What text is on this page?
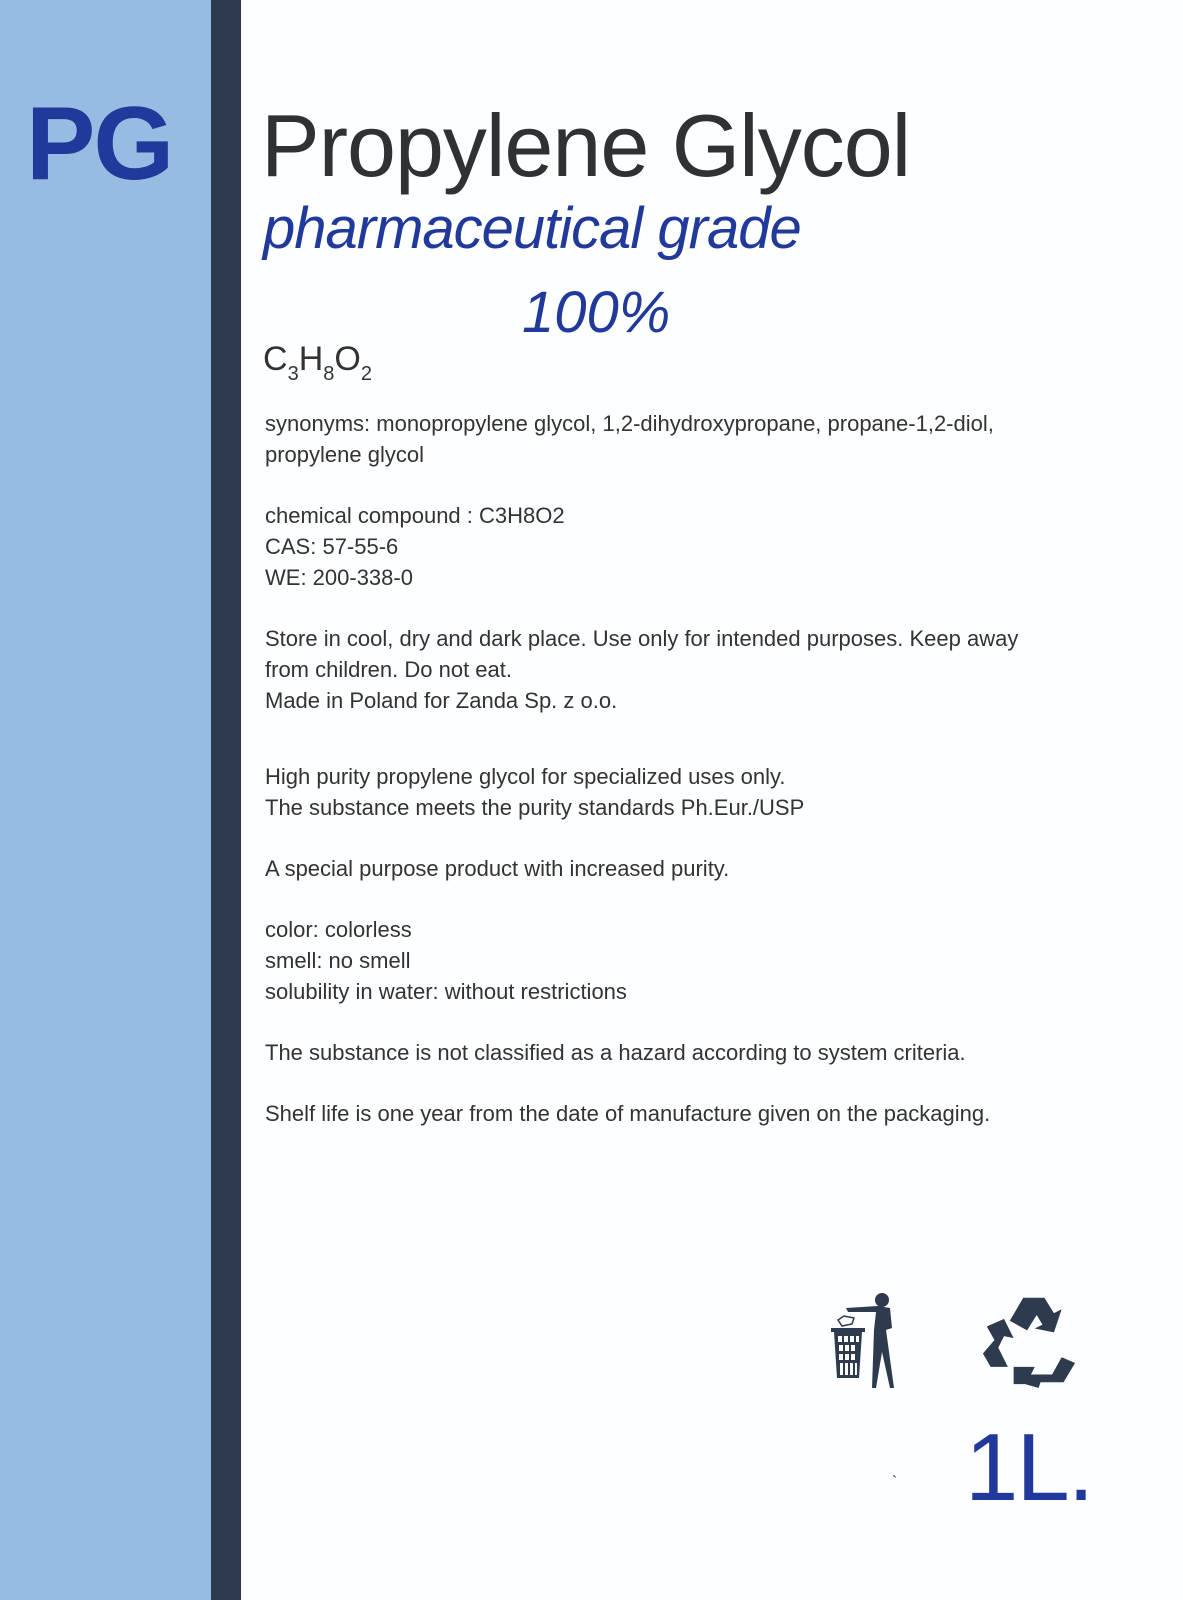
PG Propylene Glycol
pharmaceutical grade
100%
$C_3H_8O_2$

synonyms: monopropylene glycol, 1,2-dihydroxypropane, propane-1,2-diol,

propylene glycol

chemical compound : C3H8O2

CAS: 57-55-6

WE: 200-338-0

Store in cool, dry and dark place. Use only for intended purposes. Keep away

from children. Do not eat.

Made in Poland for Zanda Sp. z o.o.

High purity propylene glycol for specialized uses only.

The substance meets the purity standards Ph.Eur./USP

A special purpose product with increased purity.

color: colorless

smell: no smell

solubility in water: without restrictions

The substance is not classified as a hazard according to system criteria.

Shelf life is one year from the date of manufacture given on the packaging.

` 1L.
